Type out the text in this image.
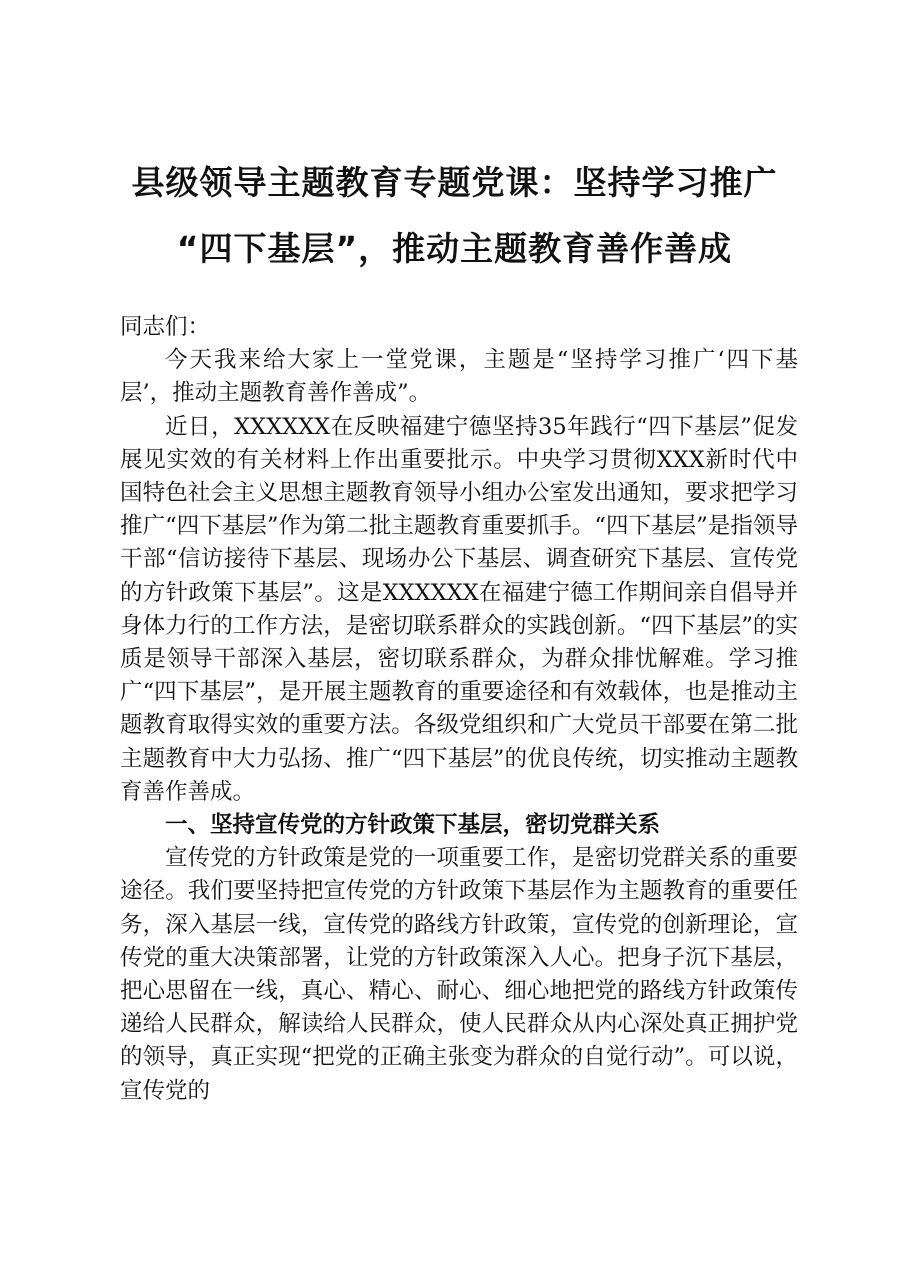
县级领导主题教育专题党课：坚持学习推广
“四下基层”，推动主题教育善作善成

同志们：

今天我来给大家上一堂党课，主题是“坚持学习推广‘四下基层’，推动主题教育善作善成”。

近日，XXXXXX在反映福建宁德坚持35年践行“四下基层”促发展见实效的有关材料上作出重要批示。中央学习贯彻XXX新时代中国特色社会主义思想主题教育领导小组办公室发出通知，要求把学习推广“四下基层”作为第二批主题教育重要抓手。“四下基层”是指领导干部“信访接待下基层、现场办公下基层、调查研究下基层、宣传党的方针政策下基层”。这是XXXXXX在福建宁德工作期间亲自倡导并身体力行的工作方法，是密切联系群众的实践创新。“四下基层”的实质是领导干部深入基层，密切联系群众，为群众排忧解难。学习推广“四下基层”，是开展主题教育的重要途径和有效载体，也是推动主题教育取得实效的重要方法。各级党组织和广大党员干部要在第二批主题教育中大力弘扬、推广“四下基层”的优良传统，切实推动主题教育善作善成。

一、坚持宣传党的方针政策下基层，密切党群关系

宣传党的方针政策是党的一项重要工作，是密切党群关系的重要途径。我们要坚持把宣传党的方针政策下基层作为主题教育的重要任务，深入基层一线，宣传党的路线方针政策，宣传党的创新理论，宣传党的重大决策部署，让党的方针政策深入人心。把身子沉下基层，把心思留在一线，真心、精心、耐心、细心地把党的路线方针政策传递给人民群众，解读给人民群众，使人民群众从内心深处真正拥护党的领导，真正实现“把党的正确主张变为群众的自觉行动”。可以说，宣传党的
